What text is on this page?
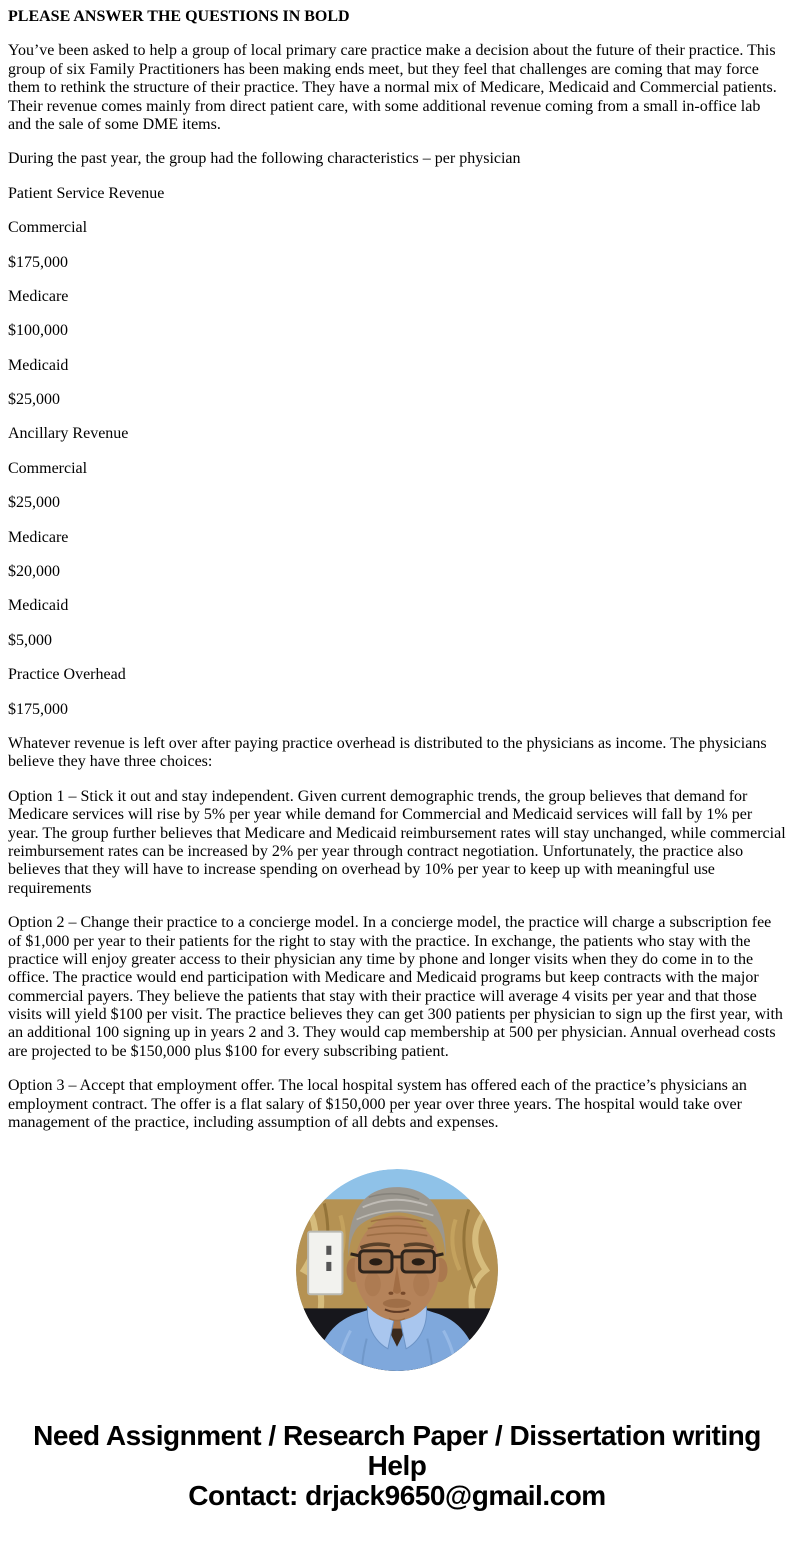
PLEASE ANSWER THE QUESTIONS IN BOLD

You’ve been asked to help a group of local primary care practice make a decision about the future of their practice. This group of six Family Practitioners has been making ends meet, but they feel that challenges are coming that may force them to rethink the structure of their practice. They have a normal mix of Medicare, Medicaid and Commercial patients. Their revenue comes mainly from direct patient care, with some additional revenue coming from a small in-office lab and the sale of some DME items.

During the past year, the group had the following characteristics – per physician

Patient Service Revenue

Commercial

$175,000

Medicare

$100,000

Medicaid

$25,000

Ancillary Revenue

Commercial

$25,000

Medicare

$20,000

Medicaid

$5,000

Practice Overhead

$175,000

Whatever revenue is left over after paying practice overhead is distributed to the physicians as income. The physicians believe they have three choices:

Option 1 – Stick it out and stay independent. Given current demographic trends, the group believes that demand for Medicare services will rise by 5% per year while demand for Commercial and Medicaid services will fall by 1% per year. The group further believes that Medicare and Medicaid reimbursement rates will stay unchanged, while commercial reimbursement rates can be increased by 2% per year through contract negotiation. Unfortunately, the practice also believes that they will have to increase spending on overhead by 10% per year to keep up with meaningful use requirements

Option 2 – Change their practice to a concierge model. In a concierge model, the practice will charge a subscription fee of $1,000 per year to their patients for the right to stay with the practice. In exchange, the patients who stay with the practice will enjoy greater access to their physician any time by phone and longer visits when they do come in to the office. The practice would end participation with Medicare and Medicaid programs but keep contracts with the major commercial payers. They believe the patients that stay with their practice will average 4 visits per year and that those visits will yield $100 per visit. The practice believes they can get 300 patients per physician to sign up the first year, with an additional 100 signing up in years 2 and 3. They would cap membership at 500 per physician. Annual overhead costs are projected to be $150,000 plus $100 for every subscribing patient.

Option 3 – Accept that employment offer. The local hospital system has offered each of the practice’s physicians an employment contract. The offer is a flat salary of $150,000 per year over three years. The hospital would take over management of the practice, including assumption of all debts and expenses.

Need Assignment / Research Paper / Dissertation writing Help
Contact: drjack9650@gmail.com
